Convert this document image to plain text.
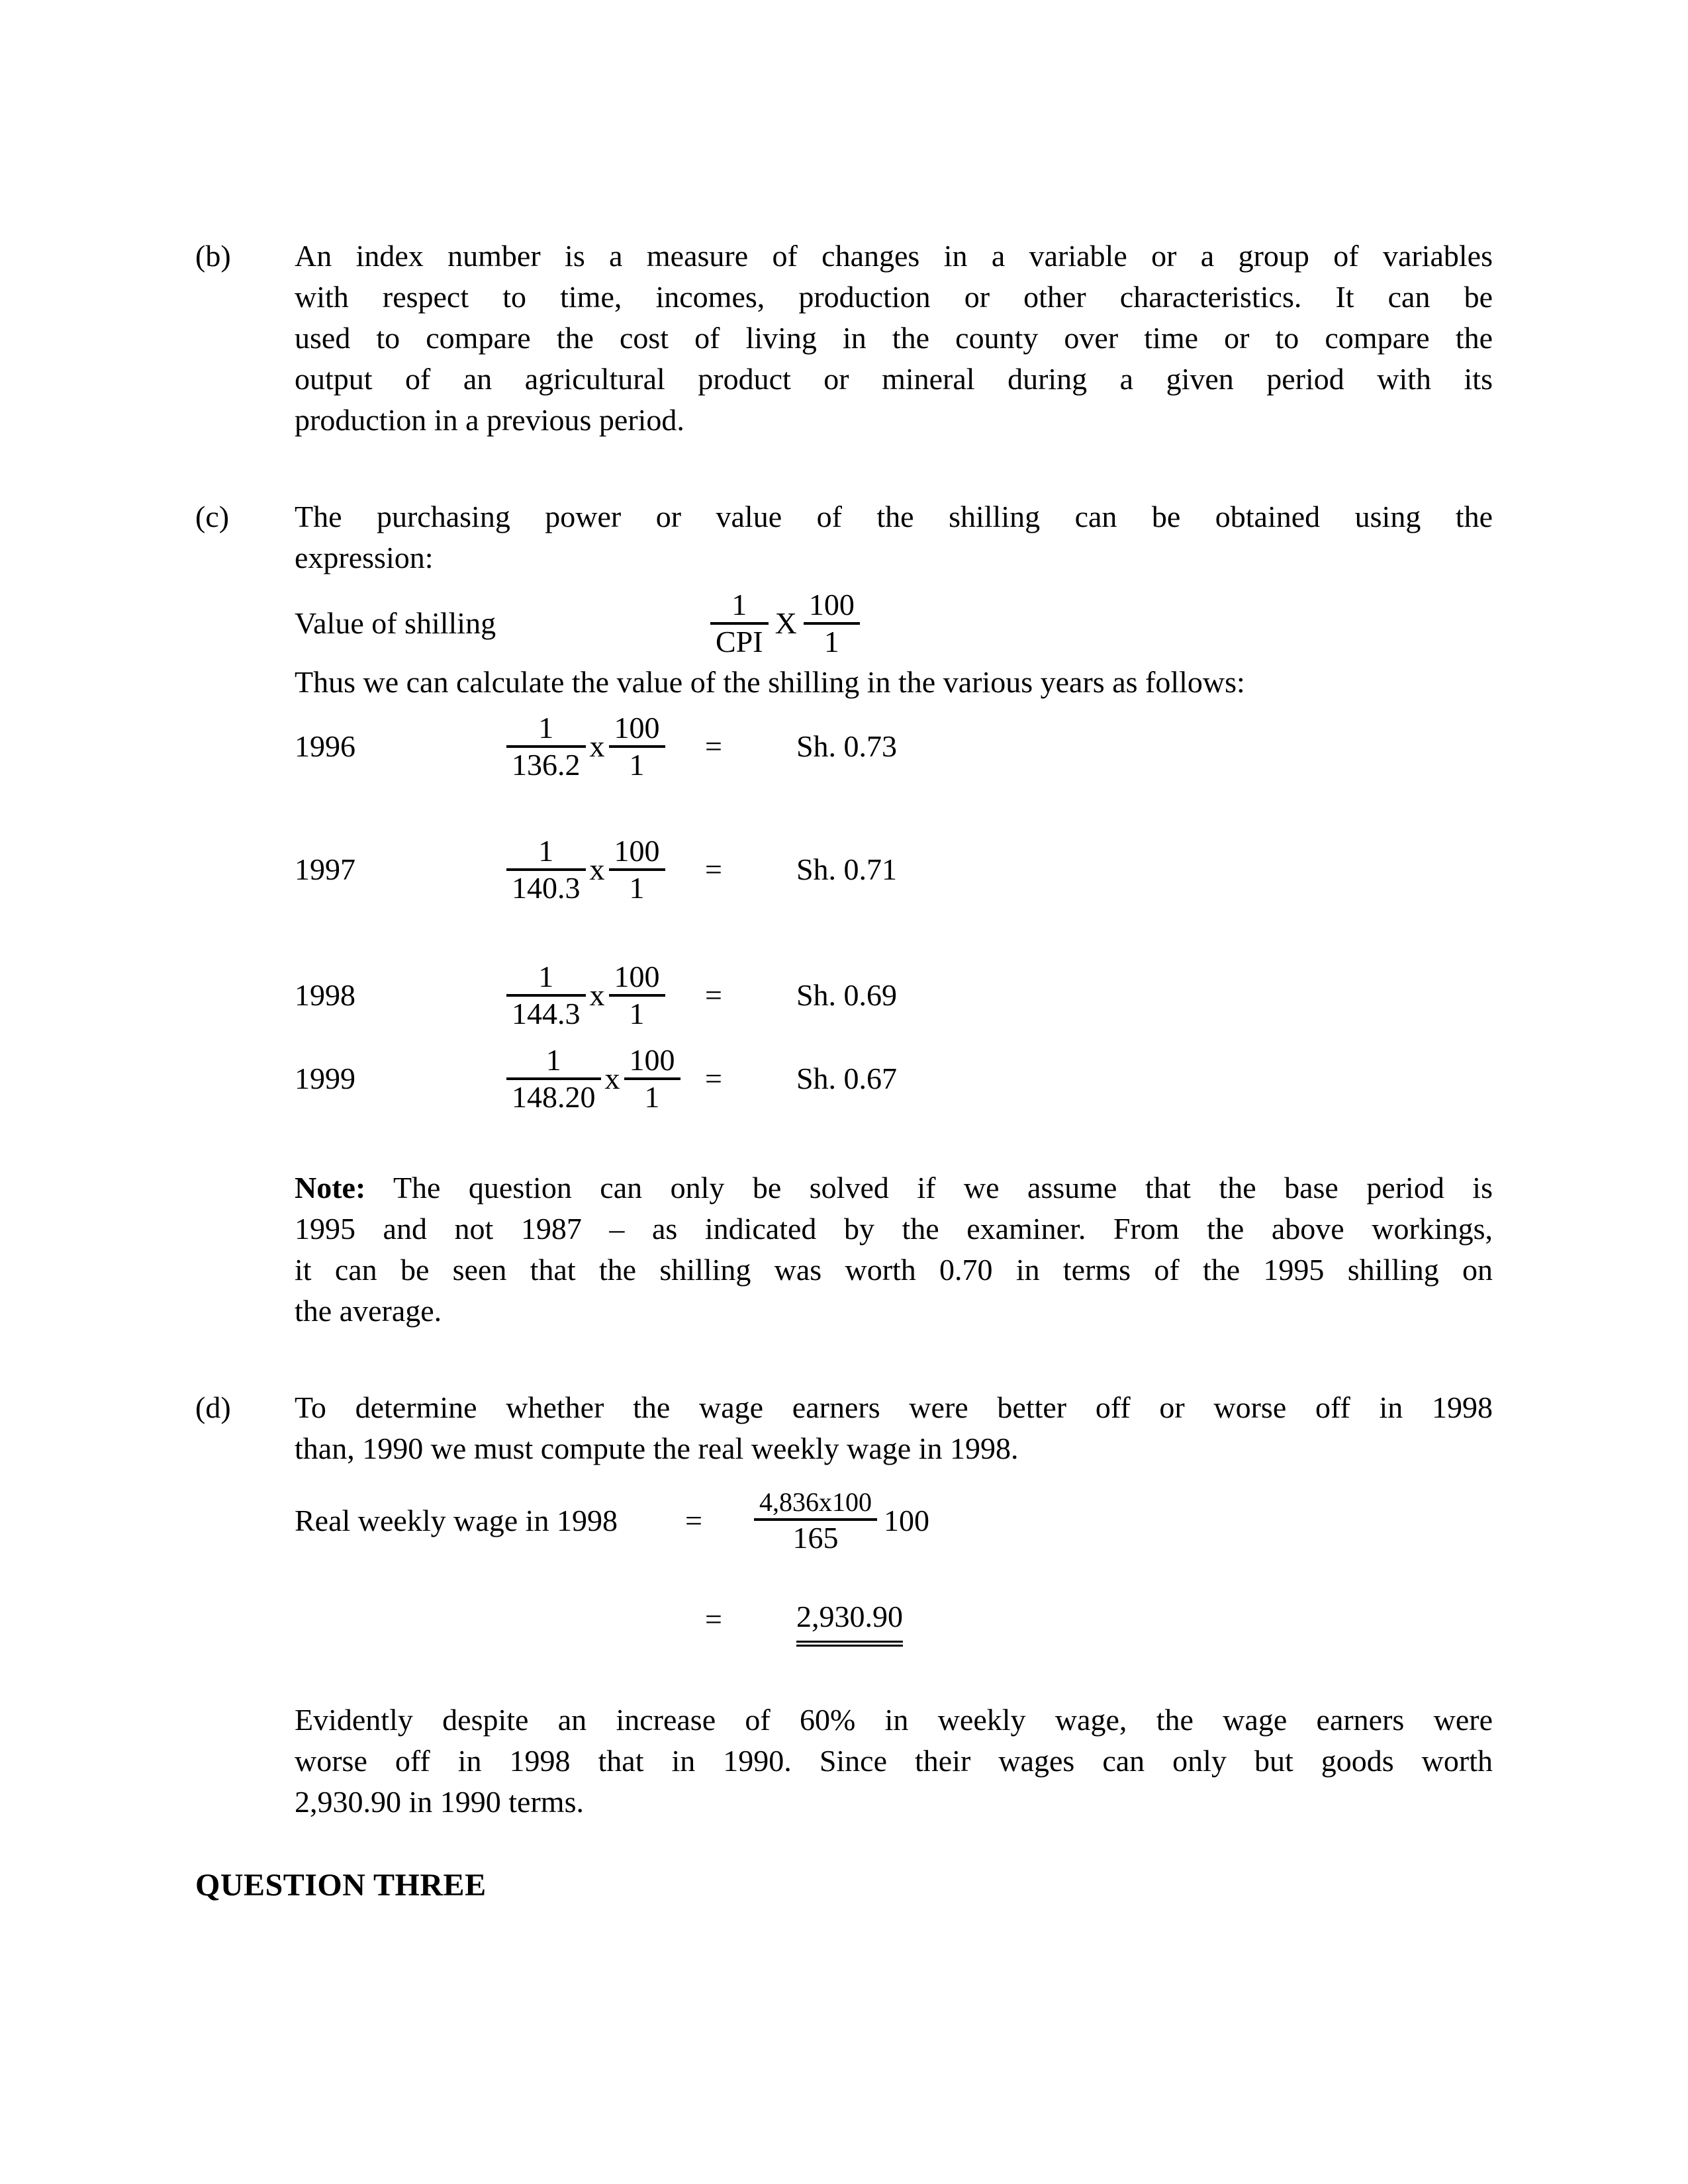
(b)	An index number is a measure of changes in a variable or a group of variables
with respect to time, incomes, production or other characteristics. It can be
used to compare the cost of living in the county over time or to compare the
output of an agricultural product or mineral during a given period with its
production in a previous period.
(c)	The purchasing power or value of the shilling can be obtained using the
expression:
Value of shilling	$\frac{1}{\text{CPI}}$ X $\frac{100}{1}$
Thus we can calculate the value of the shilling in the various years as follows:
1996	$\frac{1}{136.2}$ x $\frac{100}{1} = Sh$. 0.73
1997	$\frac{1}{140.3}$ x $\frac{100}{1} = Sh$. 0.71
1998	$\frac{1}{144.3}$ x $\frac{100}{1} = Sh$. 0.69
1999	$\frac{1}{148.20}$ x $\frac{100}{1} = Sh$. 0.67
Note: The question can only be solved if we assume that the base period is
1995 and not 1987 – as indicated by the examiner. From the above workings,
it can be seen that the shilling was worth 0.70 in terms of the 1995 shilling on
the average.
(d)	To determine whether the wage earners were better off or worse off in 1998
than, 1990 we must compute the real weekly wage in 1998.
Real weekly wage in 1998	= $\frac{4,836x100}{165} 100$
= 2,930.90
Evidently despite an increase of 60% in weekly wage, the wage earners were
worse off in 1998 that in 1990. Since their wages can only but goods worth
2,930.90 in 1990 terms.
QUESTION THREE
